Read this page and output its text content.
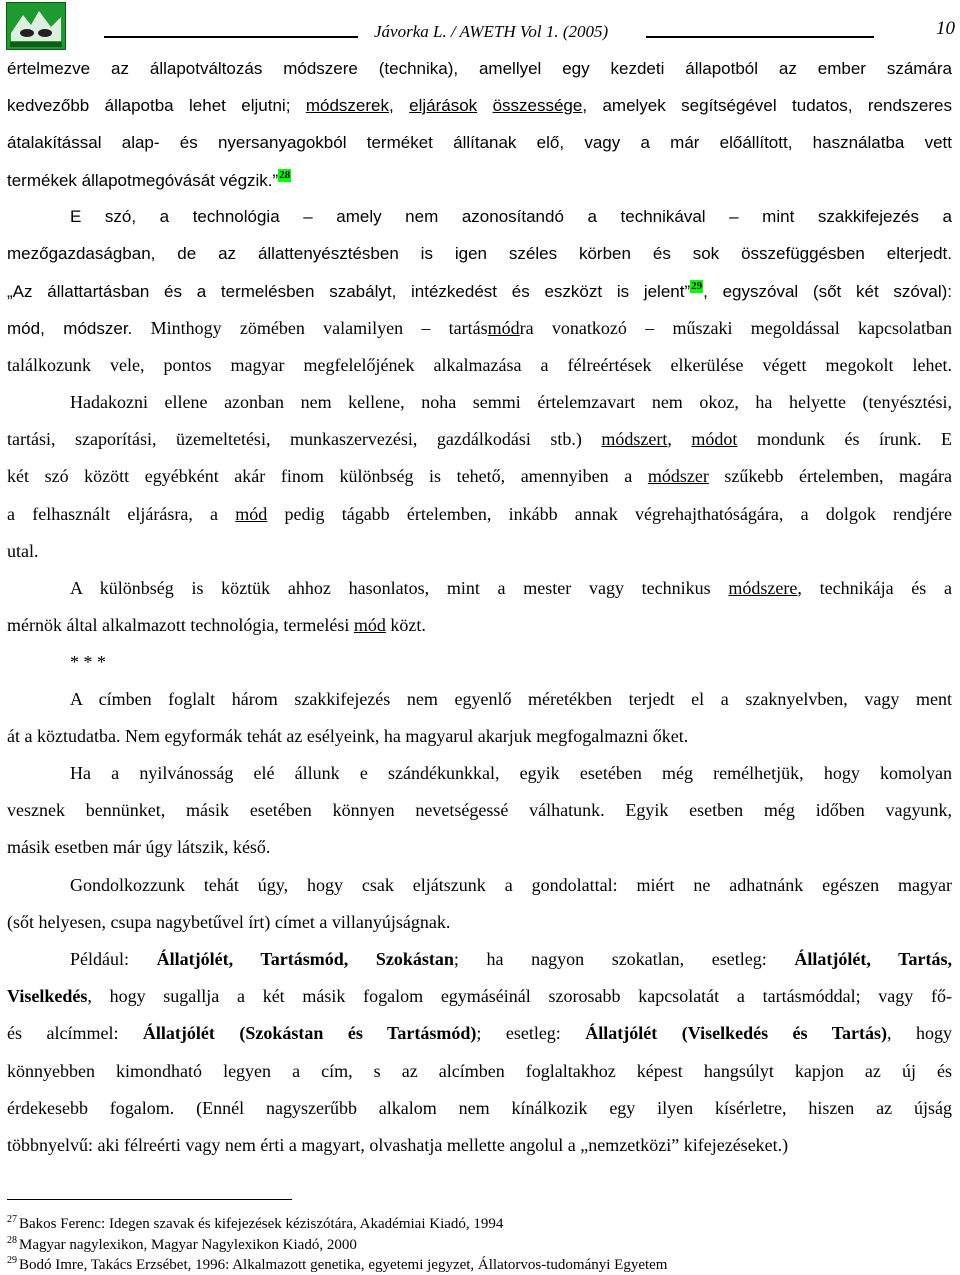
Jávorka L. / AWETH Vol 1. (2005)	10
értelmezve az állapotváltozás módszere (technika), amellyel egy kezdeti állapotból az ember számára
kedvezőbb állapotba lehet eljutni; módszerek, eljárások összessége, amelyek segítségével tudatos, rendszeres
átalakítással alap- és nyersanyagokból terméket állítanak elő, vagy a már előállított, használatba vett
termékek állapotmegóvását végzik.”28
E szó, a technológia – amely nem azonosítandó a technikával – mint szakkifejezés a
mezőgazdaságban, de az állattenyésztésben is igen széles körben és sok összefüggésben elterjedt.
„Az állattartásban és a termelésben szabályt, intézkedést és eszközt is jelent”29, egyszóval (sőt két szóval):
mód, módszer. Minthogy zömében valamilyen – tartásmódra vonatkozó – műszaki megoldással kapcsolatban
találkozunk vele, pontos magyar megfelelőjének alkalmazása a félreértések elkerülése végett megokolt lehet.
Hadakozni ellene azonban nem kellene, noha semmi értelemzavart nem okoz, ha helyette (tenyésztési,
tartási, szaporítási, üzemeltetési, munkaszervezési, gazdálkodási stb.) módszert, módot mondunk és írunk. E
két szó között egyébként akár finom különbség is tehető, amennyiben a módszer szűkebb értelemben, magára
a felhasznált eljárásra, a mód pedig tágabb értelemben, inkább annak végrehajthatóságára, a dolgok rendjére
utal.
A különbség is köztük ahhoz hasonlatos, mint a mester vagy technikus módszere, technikája és a
mérnök által alkalmazott technológia, termelési mód közt.
* * *
A címben foglalt három szakkifejezés nem egyenlő méretékben terjedt el a szaknyelvben, vagy ment
át a köztudatba. Nem egyformák tehát az esélyeink, ha magyarul akarjuk megfogalmazni őket.
Ha a nyilvánosság elé állunk e szándékunkkal, egyik esetében még remélhetjük, hogy komolyan
vesznek bennünket, másik esetében könnyen nevetségessé válhatunk. Egyik esetben még időben vagyunk,
másik esetben már úgy látszik, késő.
Gondolkozzunk tehát úgy, hogy csak eljátszunk a gondolattal: miért ne adhatnánk egészen magyar
(sőt helyesen, csupa nagybetűvel írt) címet a villanyújságnak.
Például: Állatjólét, Tartásmód, Szokástan; ha nagyon szokatlan, esetleg: Állatjólét, Tartás,
Viselkedés, hogy sugallja a két másik fogalom egymáséinál szorosabb kapcsolatát a tartásmóddal; vagy fő-
és alcímmel: Állatjólét (Szokástan és Tartásmód); esetleg: Állatjólét (Viselkedés és Tartás), hogy
könnyebben kimondható legyen a cím, s az alcímben foglaltakhoz képest hangsúlyt kapjon az új és
érdekesebb fogalom. (Ennél nagyszerűbb alkalom nem kínálkozik egy ilyen kísérletre, hiszen az újság
többnyelvű: aki félreérti vagy nem érti a magyart, olvashatja mellette angolul a „nemzetközi” kifejezéseket.)
$^{27}$ Bakos Ferenc: Idegen szavak és kifejezések kéziszótára, Akadémiai Kiadó, 1994
$^{28}$ Magyar nagylexikon, Magyar Nagylexikon Kiadó, 2000
$^{29}$ Bodó Imre, Takács Erzsébet, 1996: Alkalmazott genetika, egyetemi jegyzet, Állatorvos-tudományi Egyetem
